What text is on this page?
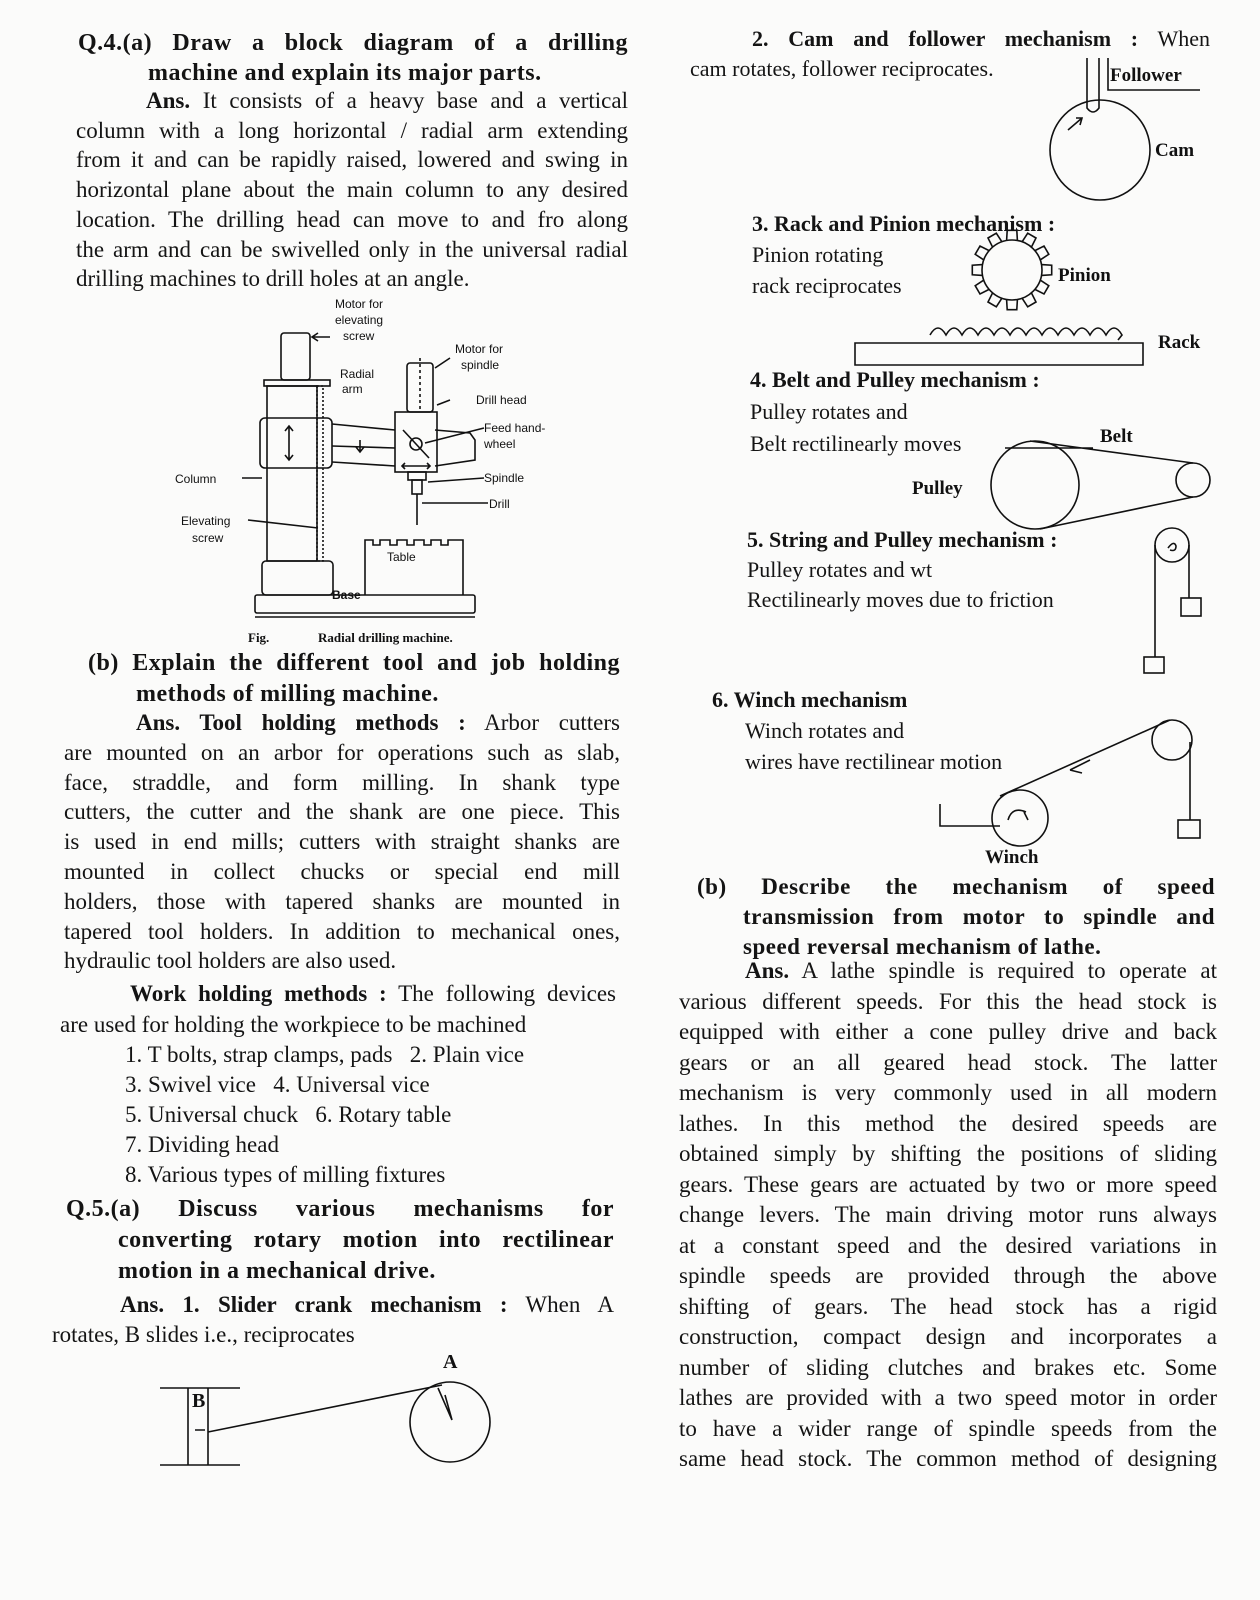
Q.4.(a) Draw a block diagram of a drilling
machine and explain its major parts.
Ans. It consists of a heavy base and a vertical
column with a long horizontal / radial arm extending
from it and can be rapidly raised, lowered and swing in
horizontal plane about the main column to any desired
location. The drilling head can move to and fro along
the arm and can be swivelled only in the universal radial
drilling machines to drill holes at an angle.
(b) Explain the different tool and job holding
methods of milling machine.
Ans. Tool holding methods : Arbor cutters
are mounted on an arbor for operations such as slab,
face, straddle, and form milling. In shank type
cutters, the cutter and the shank are one piece. This
is used in end mills; cutters with straight shanks are
mounted in collect chucks or special end mill
holders, those with tapered shanks are mounted in
tapered tool holders. In addition to mechanical ones,
hydraulic tool holders are also used.
Work holding methods : The following devices
are used for holding the workpiece to be machined
1. T bolts, strap clamps, pads   2. Plain vice
3. Swivel vice   4. Universal vice
5. Universal chuck   6. Rotary table
7. Dividing head
8. Various types of milling fixtures
Q.5.(a) Discuss various mechanisms for
converting rotary motion into rectilinear
motion in a mechanical drive.
Ans. 1. Slider crank mechanism : When A
rotates, B slides i.e., reciprocates
2. Cam and follower mechanism : When
cam rotates, follower reciprocates.
3. Rack and Pinion mechanism :
Pinion rotating
rack reciprocates
4. Belt and Pulley mechanism :
Pulley rotates and
Belt rectilinearly moves
5. String and Pulley mechanism :
Pulley rotates and wt
Rectilinearly moves due to friction
6. Winch mechanism
Winch rotates and
wires have rectilinear motion
(b) Describe the mechanism of speed
transmission from motor to spindle and
speed reversal mechanism of lathe.
Ans. A lathe spindle is required to operate at
various different speeds. For this the head stock is
equipped with either a cone pulley drive and back
gears or an all geared head stock. The latter
mechanism is very commonly used in all modern
lathes. In this method the desired speeds are
obtained simply by shifting the positions of sliding
gears. These gears are actuated by two or more speed
change levers. The main driving motor runs always
at a constant speed and the desired variations in
spindle speeds are provided through the above
shifting of gears. The head stock has a rigid
construction, compact design and incorporates a
number of sliding clutches and brakes etc. Some
lathes are provided with a two speed motor in order
to have a wider range of spindle speeds from the
same head stock. The common method of designing
Motor for
elevating
screw
Radial
arm
Motor for
spindle
Drill head
Feed hand-
wheel
Column	Spindle
Drill
Elevating
screw
Table
Base
Fig.	Radial drilling machine.
B
A
Follower
Cam
Pinion
Rack
Belt
Pulley
Winch
